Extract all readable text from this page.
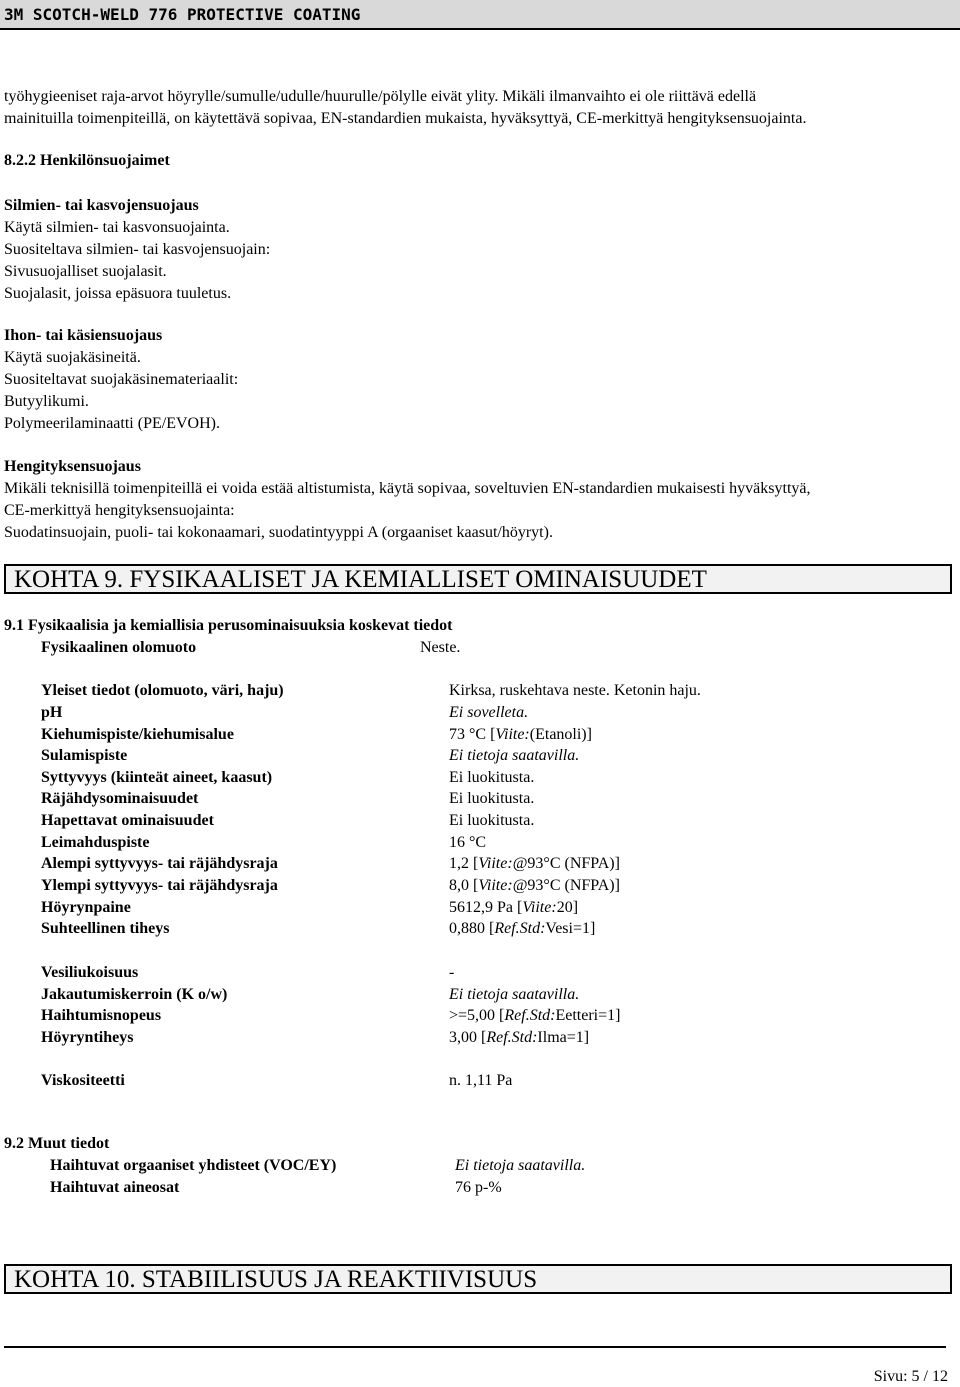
3M SCOTCH-WELD 776 PROTECTIVE COATING
työhygieeniset raja-arvot höyrylle/sumulle/udulle/huurulle/pölylle eivät ylity. Mikäli ilmanvaihto ei ole riittävä edellä
mainituilla toimenpiteillä, on käytettävä sopivaa, EN-standardien mukaista, hyväksyttyä, CE-merkittyä hengityksensuojainta.
8.2.2 Henkilönsuojaimet
Silmien- tai kasvojensuojaus
Käytä silmien- tai kasvonsuojainta.
Suositeltava silmien- tai kasvojensuojain:
Sivusuojalliset suojalasit.
Suojalasit, joissa epäsuora tuuletus.
Ihon- tai käsiensuojaus
Käytä suojakäsineitä.
Suositeltavat suojakäsinemateriaalit:
Butyylikumi.
Polymeerilaminaatti (PE/EVOH).
Hengityksensuojaus
Mikäli teknisillä toimenpiteillä ei voida estää altistumista, käytä sopivaa, soveltuvien EN-standardien mukaisesti hyväksyttyä,
CE-merkittyä hengityksensuojainta:
Suodatinsuojain, puoli- tai kokonaamari, suodatintyyppi A (orgaaniset kaasut/höyryt).
KOHTA 9. FYSIKAALISET JA KEMIALLISET OMINAISUUDET
9.1 Fysikaalisia ja kemiallisia perusominaisuuksia koskevat tiedot
Fysikaalinen olomuoto	Neste.
Yleiset tiedot (olomuoto, väri, haju)	Kirksa, ruskehtava neste. Ketonin haju.
pH	Ei sovelleta.
Kiehumispiste/kiehumisalue	73 °C [Viite:(Etanoli)]
Sulamispiste	Ei tietoja saatavilla.
Syttyvyys (kiinteät aineet, kaasut)	Ei luokitusta.
Räjähdysominaisuudet	Ei luokitusta.
Hapettavat ominaisuudet	Ei luokitusta.
Leimahduspiste	16 °C
Alempi syttyvyys- tai räjähdysraja	1,2 [Viite:@93°C (NFPA)]
Ylempi syttyvyys- tai räjähdysraja	8,0 [Viite:@93°C (NFPA)]
Höyrynpaine	5612,9 Pa [Viite:20]
Suhteellinen tiheys	0,880 [Ref.Std:Vesi=1]
Vesiliukoisuus	-
Jakautumiskerroin (K o/w)	Ei tietoja saatavilla.
Haihtumisnopeus	>=5,00 [Ref.Std:Eetteri=1]
Höyryntiheys	3,00 [Ref.Std:Ilma=1]
Viskositeetti	n. 1,11 Pa
9.2 Muut tiedot
Haihtuvat orgaaniset yhdisteet (VOC/EY)	Ei tietoja saatavilla.
Haihtuvat aineosat	76 p-%
KOHTA 10. STABIILISUUS JA REAKTIIVISUUS
Sivu: 5 / 12
